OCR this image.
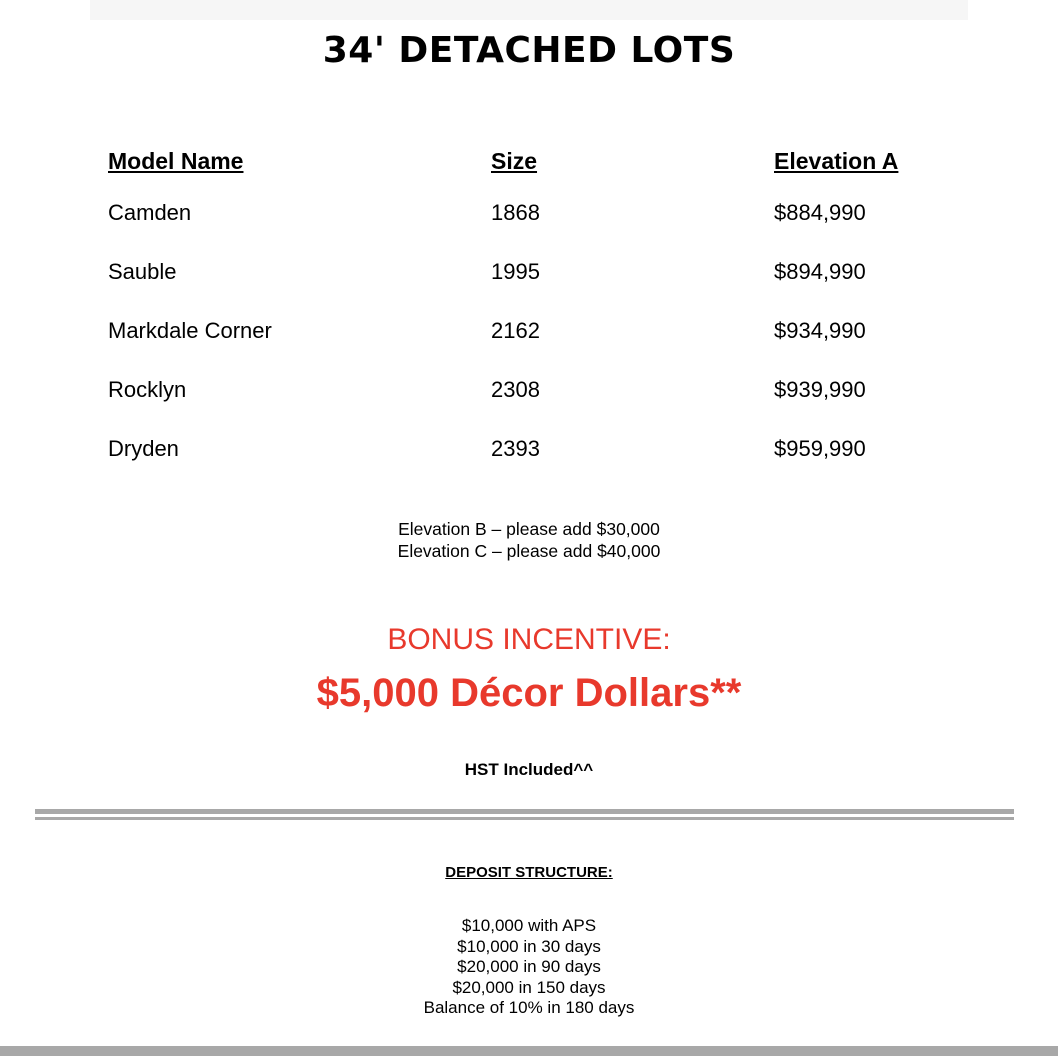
34' DETACHED LOTS
Model Name	Size	Elevation A
Camden	1868	$884,990
Sauble	1995	$894,990
Markdale Corner	2162	$934,990
Rocklyn	2308	$939,990
Dryden	2393	$959,990
Elevation B – please add $30,000
Elevation C – please add $40,000
BONUS INCENTIVE:
$5,000 Décor Dollars**
HST Included^^
DEPOSIT STRUCTURE:
$10,000 with APS
$10,000 in 30 days
$20,000 in 90 days
$20,000 in 150 days
Balance of 10% in 180 days
